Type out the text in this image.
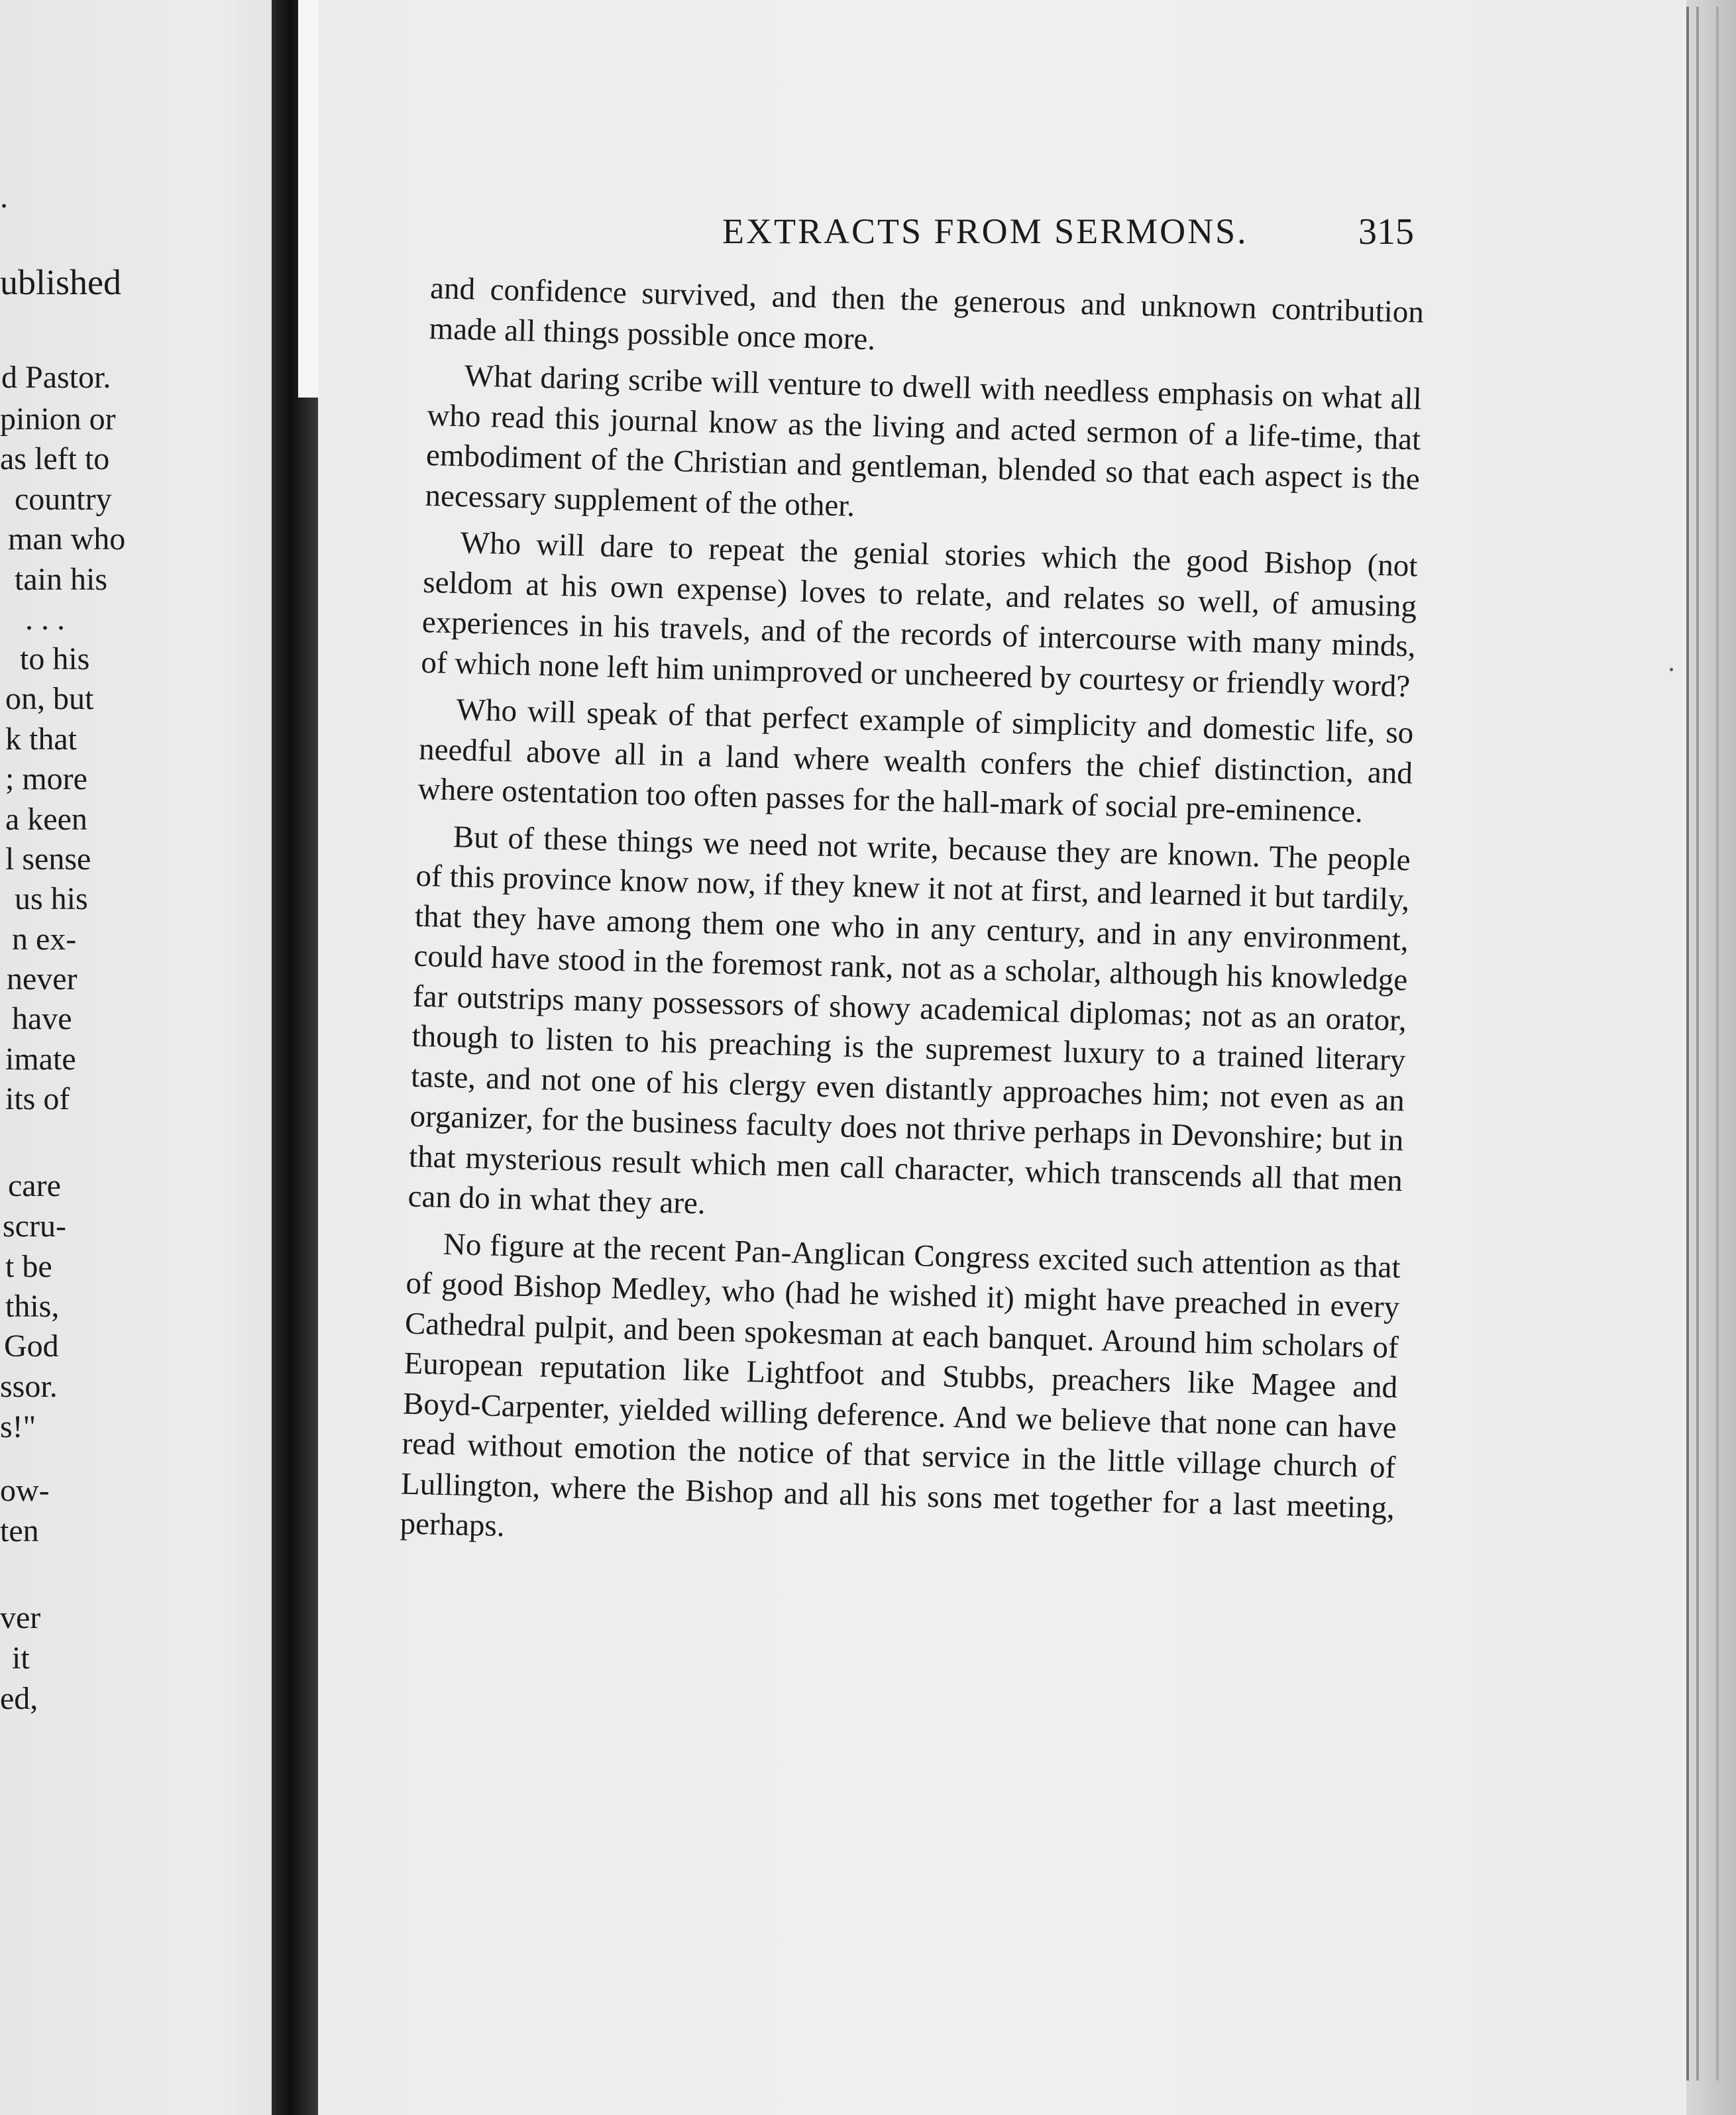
.
ublished
d Pastor.
pinion or
as left to
country
man who
tain his
. . .
to his
on, but
k that
; more
a keen
l sense
us his
n ex-
never
have
imate
its of
care
scru-
t be
this,
God
ssor.
s!"
ow-
ten
ver
it
ed,
EXTRACTS FROM SERMONS.	315

and confidence survived, and then the generous and unknown contribution made all things possible once more.

What daring scribe will venture to dwell with needless emphasis on what all who read this journal know as the living and acted sermon of a life-time, that embodiment of the Christian and gentleman, blended so that each aspect is the necessary supplement of the other.

Who will dare to repeat the genial stories which the good Bishop (not seldom at his own expense) loves to relate, and relates so well, of amusing experiences in his travels, and of the records of intercourse with many minds, of which none left him unimproved or uncheered by courtesy or friendly word?

Who will speak of that perfect example of simplicity and domestic life, so needful above all in a land where wealth confers the chief distinction, and where ostentation too often passes for the hall-mark of social pre-eminence.

But of these things we need not write, because they are known. The people of this province know now, if they knew it not at first, and learned it but tardily, that they have among them one who in any century, and in any environment, could have stood in the foremost rank, not as a scholar, although his knowledge far outstrips many possessors of showy academical diplomas; not as an orator, though to listen to his preaching is the supremest luxury to a trained literary taste, and not one of his clergy even distantly approaches him; not even as an organizer, for the business faculty does not thrive perhaps in Devonshire; but in that mysterious result which men call character, which transcends all that men can do in what they are.

No figure at the recent Pan-Anglican Congress excited such attention as that of good Bishop Medley, who (had he wished it) might have preached in every Cathedral pulpit, and been spokesman at each banquet. Around him scholars of European reputation like Lightfoot and Stubbs, preachers like Magee and Boyd-Carpenter, yielded willing deference. And we believe that none can have read without emotion the notice of that service in the little village church of Lullington, where the Bishop and all his sons met together for a last meeting, perhaps.
